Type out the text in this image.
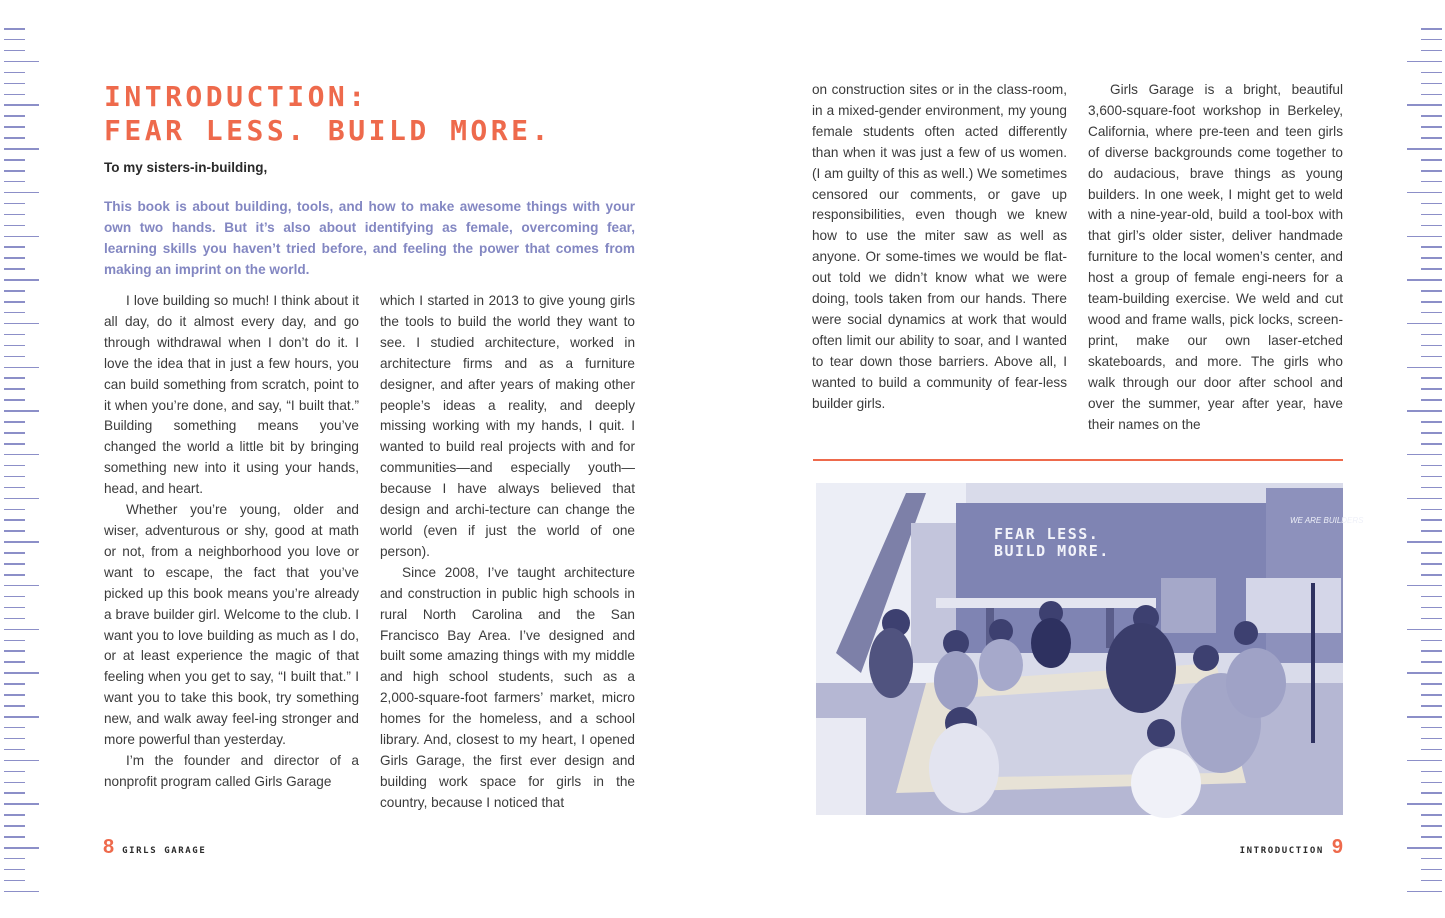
INTRODUCTION:
FEAR LESS. BUILD MORE.

To my sisters-in-building,

This book is about building, tools, and how to make awesome things with your own two hands. But it’s also about identifying as female, overcoming fear, learning skills you haven’t tried before, and feeling the power that comes from making an imprint on the world.

I love building so much! I think about it all day, do it almost every day, and go through withdrawal when I don’t do it. I love the idea that in just a few hours, you can build something from scratch, point to it when you’re done, and say, “I built that.” Building something means you’ve changed the world a little bit by bringing something new into it using your hands, head, and heart.

Whether you’re young, older and wiser, adventurous or shy, good at math or not, from a neighborhood you love or want to escape, the fact that you’ve picked up this book means you’re already a brave builder girl. Welcome to the club. I want you to love building as much as I do, or at least experience the magic of that feeling when you get to say, “I built that.” I want you to take this book, try something new, and walk away feel-ing stronger and more powerful than yesterday.

I’m the founder and director of a nonprofit program called Girls Garage

which I started in 2013 to give young girls the tools to build the world they want to see. I studied architecture, worked in architecture firms and as a furniture designer, and after years of making other people’s ideas a reality, and deeply missing working with my hands, I quit. I wanted to build real projects with and for communities—and especially youth—because I have always believed that design and archi-tecture can change the world (even if just the world of one person).

Since 2008, I’ve taught architecture and construction in public high schools in rural North Carolina and the San Francisco Bay Area. I’ve designed and built some amazing things with my middle and high school students, such as a 2,000-square-foot farmers’ market, micro homes for the homeless, and a school library. And, closest to my heart, I opened Girls Garage, the first ever design and building work space for girls in the country, because I noticed that

on construction sites or in the class-room, in a mixed-gender environment, my young female students often acted differently than when it was just a few of us women. (I am guilty of this as well.) We sometimes censored our comments, or gave up responsibilities, even though we knew how to use the miter saw as well as anyone. Or some-times we would be flat-out told we didn’t know what we were doing, tools taken from our hands. There were social dynamics at work that would often limit our ability to soar, and I wanted to tear down those barriers. Above all, I wanted to build a community of fear-less builder girls.

Girls Garage is a bright, beautiful 3,600-square-foot workshop in Berkeley, California, where pre-teen and teen girls of diverse backgrounds come together to do audacious, brave things as young builders. In one week, I might get to weld with a nine-year-old, build a tool-box with that girl’s older sister, deliver handmade furniture to the local women’s center, and host a group of female engi-neers for a team-building exercise. We weld and cut wood and frame walls, pick locks, screen-print, make our own laser-etched skateboards, and more. The girls who walk through our door after school and over the summer, year after year, have their names on the

FEAR LESS.
BUILD MORE.
WE ARE BUILDERS
8 GIRLS GARAGE	INTRODUCTION 9
